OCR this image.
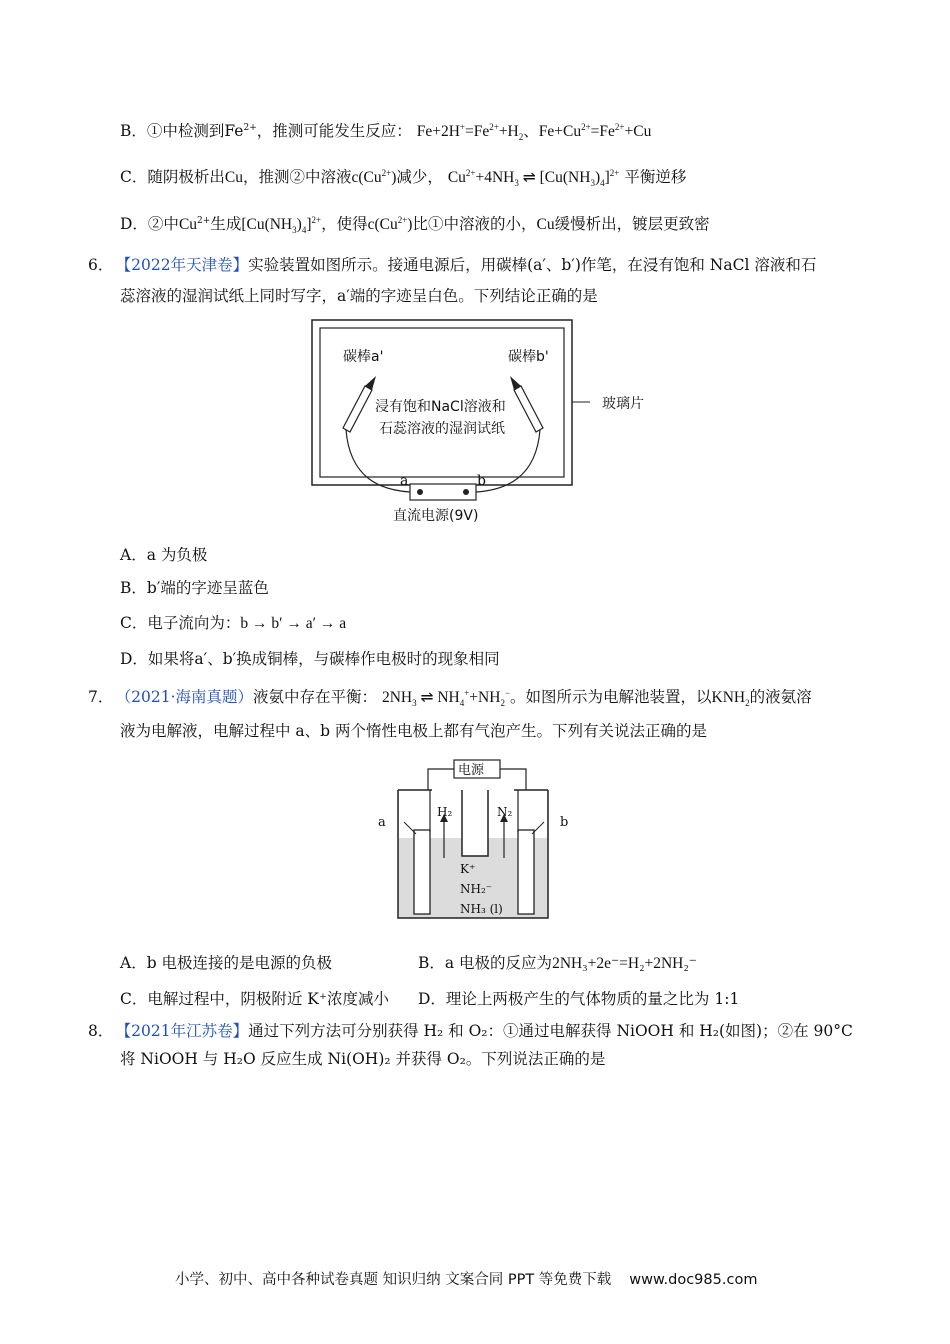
B．①中检测到$Fe^{2+}$，推测可能发生反应： $Fe+2H^+=Fe^{2+}+H_2$、$Fe+Cu^{2+}=Fe^{2+}+Cu$
C．随阴极析出Cu，推测②中溶液$c(Cu^{2+})$减少， $Cu^{2+}+4NH_3$ ⇌ $[Cu(NH_3)_4]^{2+}$ 平衡逆移
D．②中$Cu^{2+}$生成$[Cu(NH_3)_4]^{2+}$，使得$c(Cu^{2+})$比①中溶液的小，Cu缓慢析出，镀层更致密
6． 【2022年天津卷】实验装置如图所示。接通电源后，用碳棒(a′、b′)作笔，在浸有饱和 NaCl 溶液和石
蕊溶液的湿润试纸上同时写字，a′端的字迹呈白色。下列结论正确的是
碳棒a'	碳棒b'
浸有饱和NaCl溶液和
石蕊溶液的湿润试纸
玻璃片
a	b
直流电源(9V)
A．a 为负极
B．b′端的字迹呈蓝色
C．电子流向为：b → b′ → a′ → a
D．如果将a′、b′换成铜棒，与碳棒作电极时的现象相同
7． （2021·海南真题）液氨中存在平衡： $2NH_3$ ⇌ $NH_4^++NH_2^-$。如图所示为电解池装置，以$KNH_2$的液氨溶
液为电解液，电解过程中 a、b 两个惰性电极上都有气泡产生。下列有关说法正确的是
电源
a	b
H₂	N₂
K⁺
NH₂⁻
NH₃ (l)
A．b 电极连接的是电源的负极	B．a 电极的反应为2NH₃+2e⁻=H₂+2NH₂⁻
C．电解过程中，阴极附近 K⁺浓度减小 D．理论上两极产生的气体物质的量之比为 1:1
8． 【2021年江苏卷】通过下列方法可分别获得 H₂ 和 O₂：①通过电解获得 NiOOH 和 H₂(如图)；②在 90°C
将 NiOOH 与 H₂O 反应生成 Ni(OH)₂ 并获得 O₂。下列说法正确的是
小学、初中、高中各种试卷真题 知识归纳 文案合同 PPT 等免费下载 www.doc985.com
